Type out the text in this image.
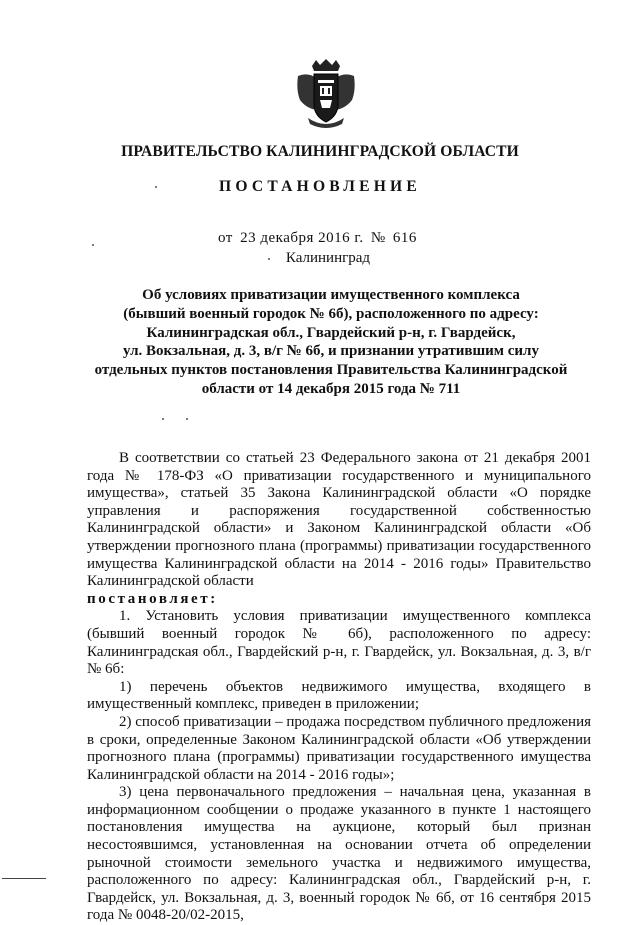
ПРАВИТЕЛЬСТВО КАЛИНИНГРАДСКОЙ ОБЛАСТИ
ПОСТАНОВЛЕНИЕ
от 23 декабря 2016 г. № 616
Калининград
Об условиях приватизации имущественного комплекса
(бывший военный городок № 6б), расположенного по адресу:
Калининградская обл., Гвардейский р-н, г. Гвардейск,
ул. Вокзальная, д. 3, в/г № 6б, и признании утратившим силу
отдельных пунктов постановления Правительства Калининградской
области от 14 декабря 2015 года № 711

В соответствии со статьей 23 Федерального закона от 21 декабря 2001 года № 178-ФЗ «О приватизации государственного и муниципального имущества», статьей 35 Закона Калининградской области «О порядке управления и распоряжения государственной собственностью Калининградской области» и Законом Калининградской области «Об утверждении прогнозного плана (программы) приватизации государственного имущества Калининградской области на 2014 - 2016 годы» Правительство Калининградской области

постановляет:

1. Установить условия приватизации имущественного комплекса (бывший военный городок № 6б), расположенного по адресу: Калининградская обл., Гвардейский р-н, г. Гвардейск, ул. Вокзальная, д. 3, в/г № 6б:

1) перечень объектов недвижимого имущества, входящего в имущественный комплекс, приведен в приложении;

2) способ приватизации – продажа посредством публичного предложения в сроки, определенные Законом Калининградской области «Об утверждении прогнозного плана (программы) приватизации государственного имущества Калининградской области на 2014 - 2016 годы»;

3) цена первоначального предложения – начальная цена, указанная в информационном сообщении о продаже указанного в пункте 1 настоящего постановления имущества на аукционе, который был признан несостоявшимся, установленная на основании отчета об определении рыночной стоимости земельного участка и недвижимого имущества, расположенного по адресу: Калининградская обл., Гвардейский р-н, г. Гвардейск, ул. Вокзальная, д. 3, военный городок № 6б, от 16 сентября 2015 года № 0048-20/02-2015,
